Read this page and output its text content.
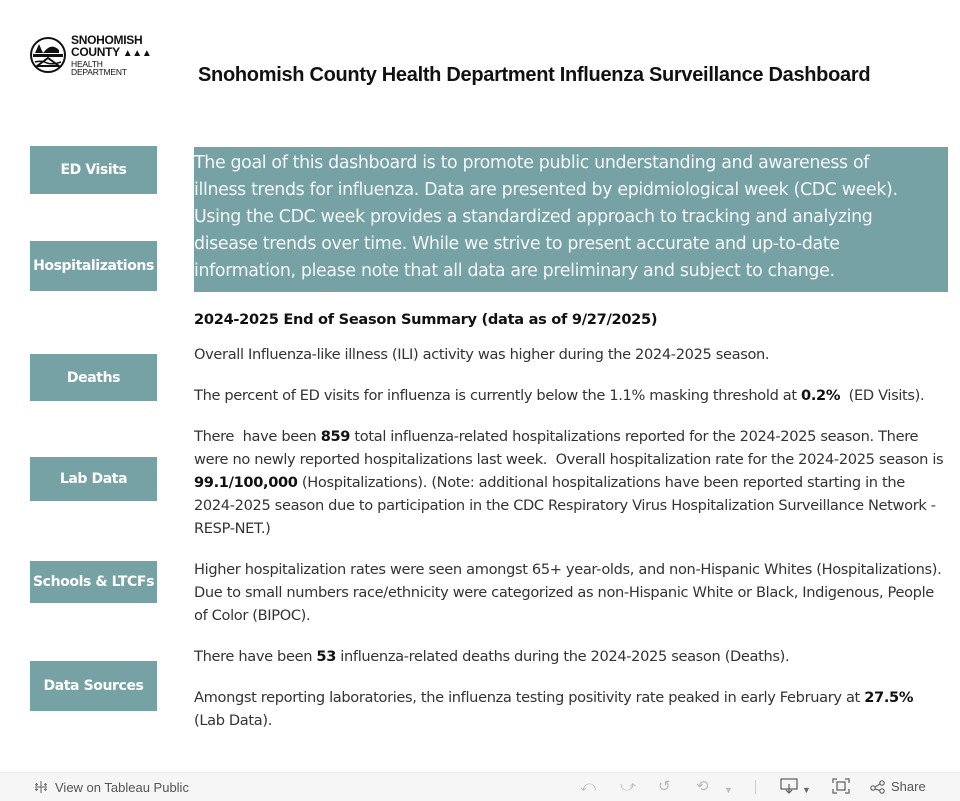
SNOHOMISH
COUNTY ▲▲▲
HEALTH DEPARTMENT	Snohomish County Health Department Influenza Surveillance Dashboard
ED Visits
Hospitalizations
Deaths
Lab Data
Schools & LTCFs
Data Sources

The goal of this dashboard is to promote public understanding and awareness of

illness trends for influenza. Data are presented by epidmiological week (CDC week).

Using the CDC week provides a standardized approach to tracking and analyzing

disease trends over time. While we strive to present accurate and up-to-date

information, please note that all data are preliminary and subject to change.

2024-2025 End of Season Summary (data as of 9/27/2025)

Overall Influenza-like illness (ILI) activity was higher during the 2024-2025 season.

The percent of ED visits for influenza is currently below the 1.1% masking threshold at 0.2%  (ED Visits).

There  have been 859 total influenza-related hospitalizations reported for the 2024-2025 season. There were no newly reported hospitalizations last week.  Overall hospitalization rate for the 2024-2025 season is 99.1/100,000 (Hospitalizations). (Note: additional hospitalizations have been reported starting in the 2024-2025 season due to participation in the CDC Respiratory Virus Hospitalization Surveillance Network - RESP-NET.)

Higher hospitalization rates were seen amongst 65+ year-olds, and non-Hispanic Whites (Hospitalizations).  Due to small numbers race/ethnicity were categorized as non-Hispanic White or Black, Indigenous, People of Color (BIPOC).

There have been 53 influenza-related deaths during the 2024-2025 season (Deaths).

Amongst reporting laboratories, the influenza testing positivity rate peaked in early February at 27.5% (Lab Data).

View on Tableau Public	⤺ ⤻ ↺ ⟲ ▼	▼	Share
